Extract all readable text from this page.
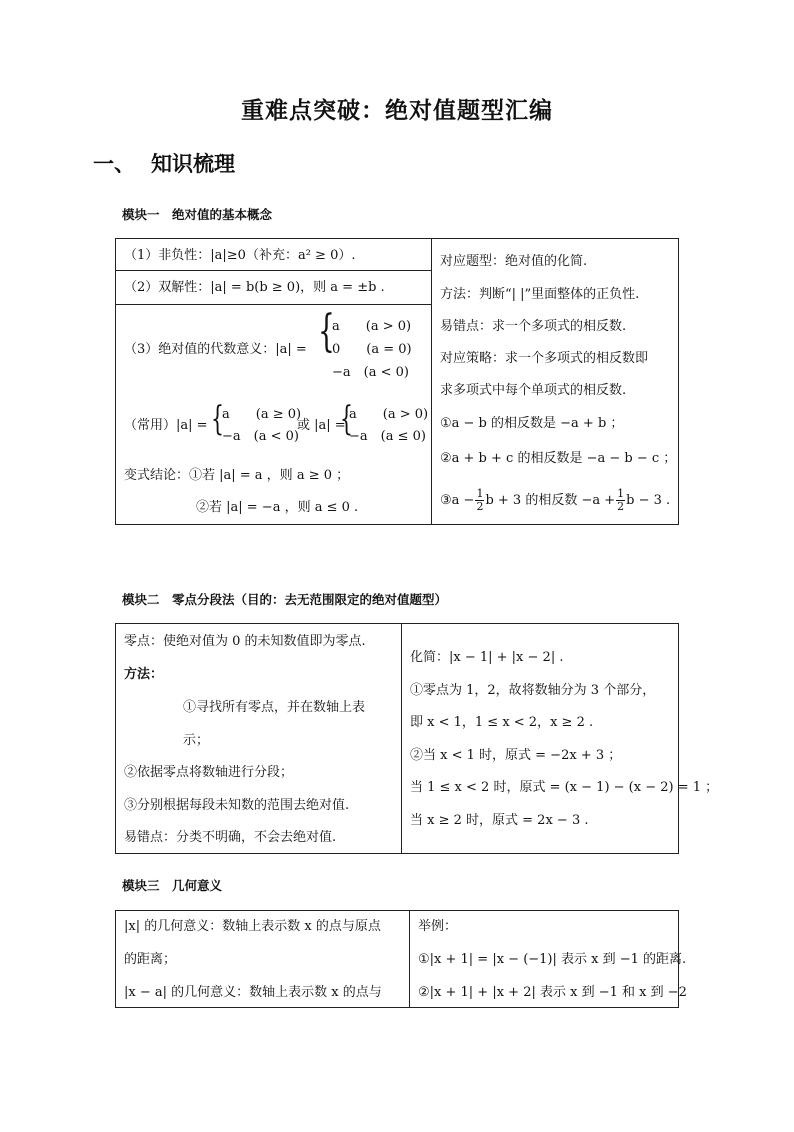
重难点突破：绝对值题型汇编
一、 知识梳理
模块一　绝对值的基本概念
（1）非负性：|a|≥0（补充：a² ≥ 0）.
（2）双解性：|a| = b(b ≥ 0)，则 a = ±b .
（3）绝对值的代数意义：|a| = {
a　　(a > 0)
0　　(a = 0)
−a　(a < 0)
（常用）|a| = {
a　　(a ≥ 0)
−a　(a < 0)
或 |a| =
{
a　　(a > 0)
−a　(a ≤ 0)
变式结论：①若 |a| = a ，则 a ≥ 0 ；
②若 |a| = −a ，则 a ≤ 0 .
对应题型：绝对值的化简.
方法：判断“| |”里面整体的正负性.
易错点：求一个多项式的相反数.
对应策略：求一个多项式的相反数即
求多项式中每个单项式的相反数.
①a − b 的相反数是 −a + b ；
②a + b + c 的相反数是 −a − b − c ；
③a − $\frac{1}{2}$ b + 3 的相反数 $-a + \frac{1}{2}$ b − 3 .
模块二　零点分段法（目的：去无范围限定的绝对值题型）
零点：使绝对值为 0 的未知数值即为零点.
方法：
①寻找所有零点，并在数轴上表
示；
②依据零点将数轴进行分段；
③分别根据每段未知数的范围去绝对值.
易错点：分类不明确，不会去绝对值.
化简：|x − 1| + |x − 2| .
①零点为 1，2，故将数轴分为 3 个部分，
即 x < 1，1 ≤ x < 2，x ≥ 2 .
②当 x < 1 时，原式 = −2x + 3 ；
当 1 ≤ x < 2 时，原式 = (x − 1) − (x − 2) = 1 ；
当 x ≥ 2 时，原式 = 2x − 3 .
模块三　几何意义
|x| 的几何意义：数轴上表示数 x 的点与原点
的距离；
|x − a| 的几何意义：数轴上表示数 x 的点与
举例：
①|x + 1| = |x − (−1)| 表示 x 到 −1 的距离.
②|x + 1| + |x + 2| 表示 x 到 −1 和 x 到 −2
